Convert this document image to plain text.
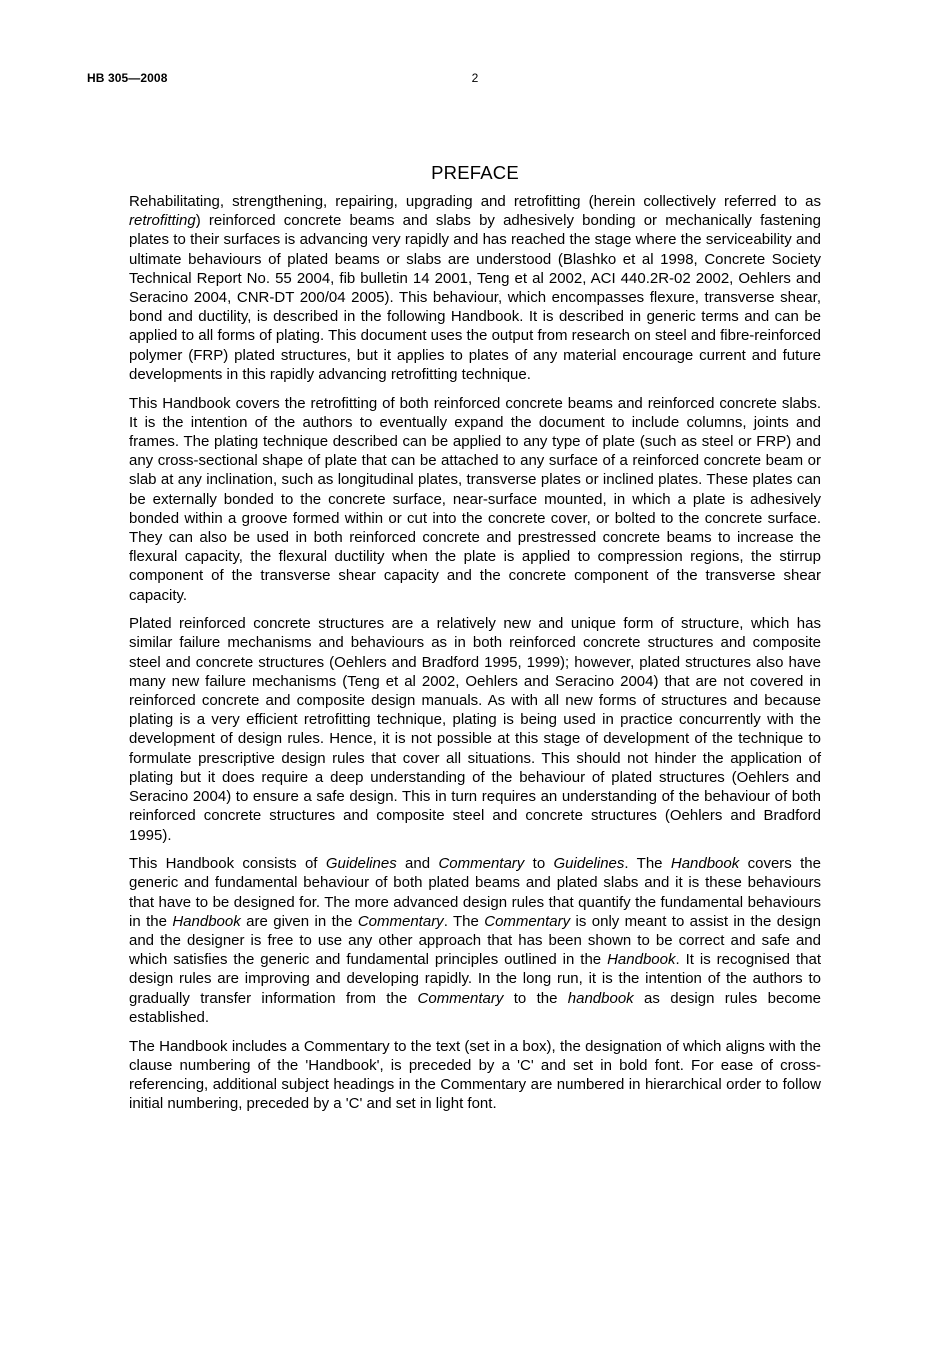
HB 305—2008	2
PREFACE

Rehabilitating, strengthening, repairing, upgrading and retrofitting (herein collectively referred to as retrofitting) reinforced concrete beams and slabs by adhesively bonding or mechanically fastening plates to their surfaces is advancing very rapidly and has reached the stage where the serviceability and ultimate behaviours of plated beams or slabs are understood (Blashko et al 1998, Concrete Society Technical Report No. 55 2004, fib bulletin 14 2001, Teng et al 2002, ACI 440.2R-02 2002, Oehlers and Seracino 2004, CNR-DT 200/04 2005). This behaviour, which encompasses flexure, transverse shear, bond and ductility, is described in the following Handbook. It is described in generic terms and can be applied to all forms of plating. This document uses the output from research on steel and fibre-reinforced polymer (FRP) plated structures, but it applies to plates of any material encourage current and future developments in this rapidly advancing retrofitting technique.

This Handbook covers the retrofitting of both reinforced concrete beams and reinforced concrete slabs. It is the intention of the authors to eventually expand the document to include columns, joints and frames. The plating technique described can be applied to any type of plate (such as steel or FRP) and any cross-sectional shape of plate that can be attached to any surface of a reinforced concrete beam or slab at any inclination, such as longitudinal plates, transverse plates or inclined plates. These plates can be externally bonded to the concrete surface, near-surface mounted, in which a plate is adhesively bonded within a groove formed within or cut into the concrete cover, or bolted to the concrete surface. They can also be used in both reinforced concrete and prestressed concrete beams to increase the flexural capacity, the flexural ductility when the plate is applied to compression regions, the stirrup component of the transverse shear capacity and the concrete component of the transverse shear capacity.

Plated reinforced concrete structures are a relatively new and unique form of structure, which has similar failure mechanisms and behaviours as in both reinforced concrete structures and composite steel and concrete structures (Oehlers and Bradford 1995, 1999); however, plated structures also have many new failure mechanisms (Teng et al 2002, Oehlers and Seracino 2004) that are not covered in reinforced concrete and composite design manuals. As with all new forms of structures and because plating is a very efficient retrofitting technique, plating is being used in practice concurrently with the development of design rules. Hence, it is not possible at this stage of development of the technique to formulate prescriptive design rules that cover all situations. This should not hinder the application of plating but it does require a deep understanding of the behaviour of plated structures (Oehlers and Seracino 2004) to ensure a safe design. This in turn requires an understanding of the behaviour of both reinforced concrete structures and composite steel and concrete structures (Oehlers and Bradford 1995).

This Handbook consists of Guidelines and Commentary to Guidelines. The Handbook covers the generic and fundamental behaviour of both plated beams and plated slabs and it is these behaviours that have to be designed for. The more advanced design rules that quantify the fundamental behaviours in the Handbook are given in the Commentary. The Commentary is only meant to assist in the design and the designer is free to use any other approach that has been shown to be correct and safe and which satisfies the generic and fundamental principles outlined in the Handbook. It is recognised that design rules are improving and developing rapidly. In the long run, it is the intention of the authors to gradually transfer information from the Commentary to the handbook as design rules become established.

The Handbook includes a Commentary to the text (set in a box), the designation of which aligns with the clause numbering of the 'Handbook', is preceded by a 'C' and set in bold font. For ease of cross-referencing, additional subject headings in the Commentary are numbered in hierarchical order to follow initial numbering, preceded by a 'C' and set in light font.
